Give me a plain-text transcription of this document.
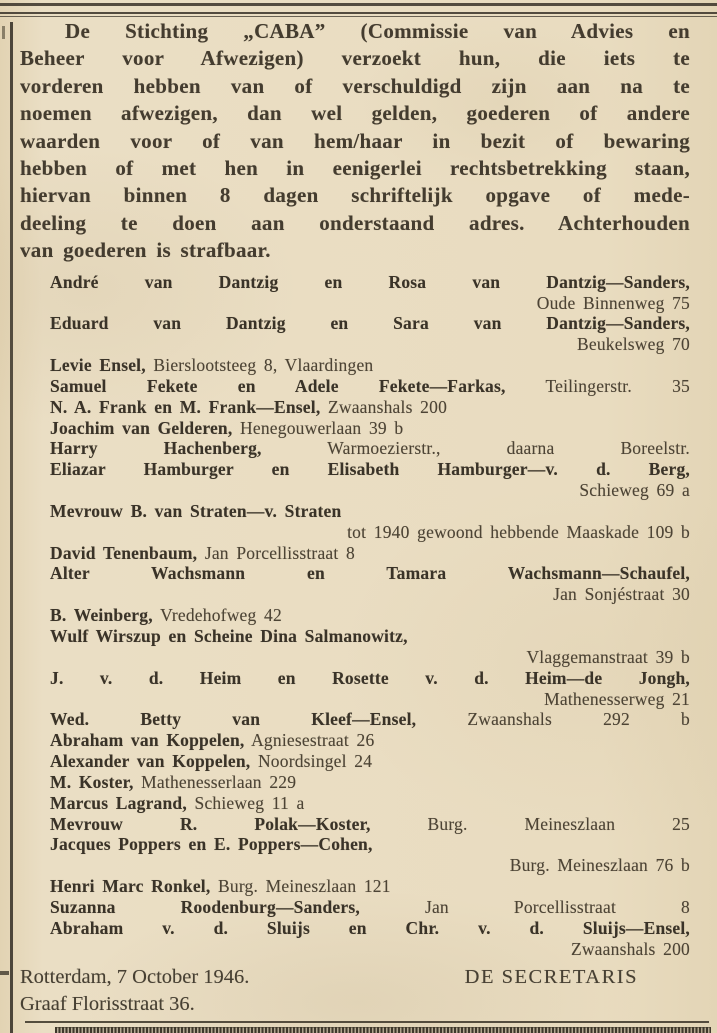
De Stichting „CABA” (Commissie van Advies en
Beheer voor Afwezigen) verzoekt hun, die iets te
vorderen hebben van of verschuldigd zijn aan na te
noemen afwezigen, dan wel gelden, goederen of andere
waarden voor of van hem/haar in bezit of bewaring
hebben of met hen in eenigerlei rechtsbetrekking staan,
hiervan binnen 8 dagen schriftelijk opgave of mede-
deeling te doen aan onderstaand adres. Achterhouden
van goederen is strafbaar.
André van Dantzig en Rosa van Dantzig—Sanders,
Oude Binnenweg 75
Eduard van Dantzig en Sara van Dantzig—Sanders,
Beukelsweg 70
Levie Ensel, Bierslootsteeg 8, Vlaardingen
Samuel Fekete en Adele Fekete—Farkas, Teilingerstr. 35
N. A. Frank en M. Frank—Ensel, Zwaanshals 200
Joachim van Gelderen, Henegouwerlaan 39 b
Harry Hachenberg,	Warmoezierstr., daarna Boreelstr.
Eliazar Hamburger en Elisabeth Hamburger—v. d. Berg,
Schieweg 69 a
Mevrouw B. van Straten—v. Straten
tot 1940 gewoond hebbende Maaskade 109 b
David Tenenbaum, Jan Porcellisstraat 8
Alter Wachsmann en Tamara Wachsmann—Schaufel,
Jan Sonjéstraat 30
B. Weinberg, Vredehofweg 42
Wulf Wirszup en Scheine Dina Salmanowitz,
Vlaggemanstraat 39 b
J. v. d. Heim en Rosette v. d. Heim—de Jongh,
Mathenesserweg 21
Wed. Betty van Kleef—Ensel,	Zwaanshals 292 b
Abraham van Koppelen, Agniesestraat 26
Alexander van Koppelen, Noordsingel 24
M. Koster, Mathenesserlaan 229
Marcus Lagrand, Schieweg 11 a
Mevrouw R. Polak—Koster,	Burg. Meineszlaan 25
Jacques Poppers en E. Poppers—Cohen,
Burg. Meineszlaan 76 b
Henri Marc Ronkel, Burg. Meineszlaan 121
Suzanna Roodenburg—Sanders,	Jan Porcellisstraat 8
Abraham v. d. Sluijs en Chr. v. d. Sluijs—Ensel,
Zwaanshals 200
Rotterdam, 7 October 1946.	DE SECRETARIS
Graaf Florisstraat 36.
